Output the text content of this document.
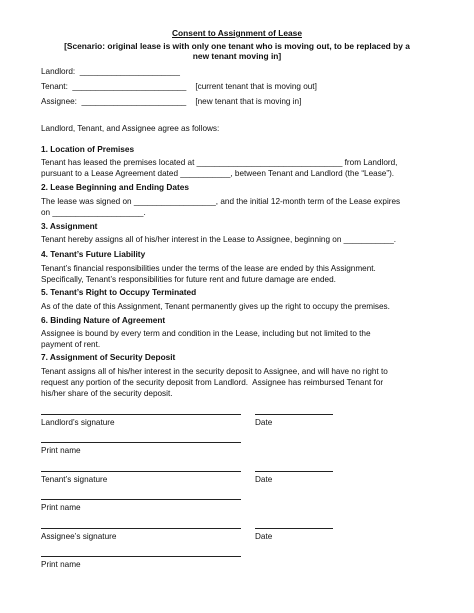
Consent to Assignment of Lease

[Scenario: original lease is with only one tenant who is moving out, to be replaced by a

new tenant moving in]

Landlord:  ______________________

Tenant:  _________________________    [current tenant that is moving out]

Assignee:  _______________________    [new tenant that is moving in]

Landlord, Tenant, and Assignee agree as follows:

1. Location of Premises

Tenant has leased the premises located at ________________________________ from Landlord,

pursuant to a Lease Agreement dated ___________, between Tenant and Landlord (the “Lease”).

2. Lease Beginning and Ending Dates

The lease was signed on __________________, and the initial 12-month term of the Lease expires

on ____________________.

3. Assignment

Tenant hereby assigns all of his/her interest in the Lease to Assignee, beginning on ___________.

4. Tenant’s Future Liability

Tenant’s financial responsibilities under the terms of the lease are ended by this Assignment.

Specifically, Tenant’s responsibilities for future rent and future damage are ended.

5. Tenant’s Right to Occupy Terminated

As of the date of this Assignment, Tenant permanently gives up the right to occupy the premises.

6. Binding Nature of Agreement

Assignee is bound by every term and condition in the Lease, including but not limited to the

payment of rent.

7. Assignment of Security Deposit

Tenant assigns all of his/her interest in the security deposit to Assignee, and will have no right to

request any portion of the security deposit from Landlord.  Assignee has reimbursed Tenant for

his/her share of the security deposit.

Landlord’s signature	Date

Print name

Tenant’s signature	Date

Print name

Assignee’s signature	Date

Print name
